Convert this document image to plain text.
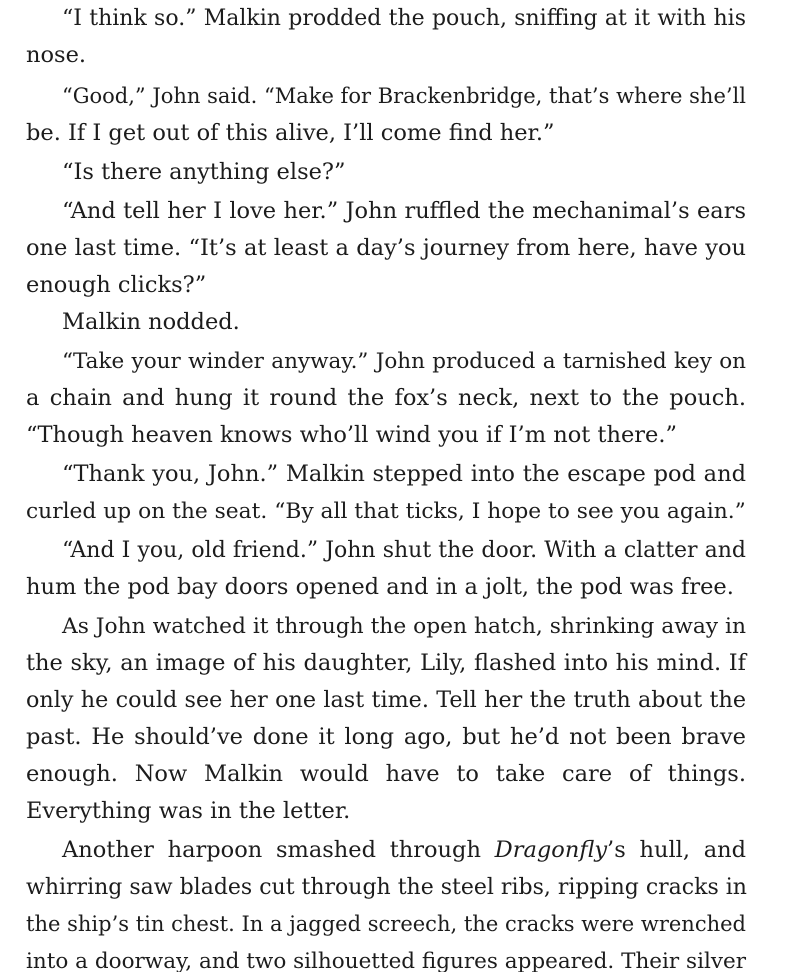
“I think so.” Malkin prodded the pouch, sniffing at it with his
nose.
“Good,” John said. “Make for Brackenbridge, that’s where she’ll
be. If I get out of this alive, I’ll come find her.”
“Is there anything else?”
“And tell her I love her.” John ruffled the mechanimal’s ears
one last time. “It’s at least a day’s journey from here, have you
enough clicks?”
Malkin nodded.
“Take your winder anyway.” John produced a tarnished key on
a chain and hung it round the fox’s neck, next to the pouch.
“Though heaven knows who’ll wind you if I’m not there.”
“Thank you, John.” Malkin stepped into the escape pod and
curled up on the seat. “By all that ticks, I hope to see you again.”
“And I you, old friend.” John shut the door. With a clatter and
hum the pod bay doors opened and in a jolt, the pod was free.
As John watched it through the open hatch, shrinking away in
the sky, an image of his daughter, Lily, flashed into his mind. If
only he could see her one last time. Tell her the truth about the
past. He should’ve done it long ago, but he’d not been brave
enough. Now Malkin would have to take care of things.
Everything was in the letter.
Another harpoon smashed through Dragonfly’s hull, and
whirring saw blades cut through the steel ribs, ripping cracks in
the ship’s tin chest. In a jagged screech, the cracks were wrenched
into a doorway, and two silhouetted figures appeared. Their silver
